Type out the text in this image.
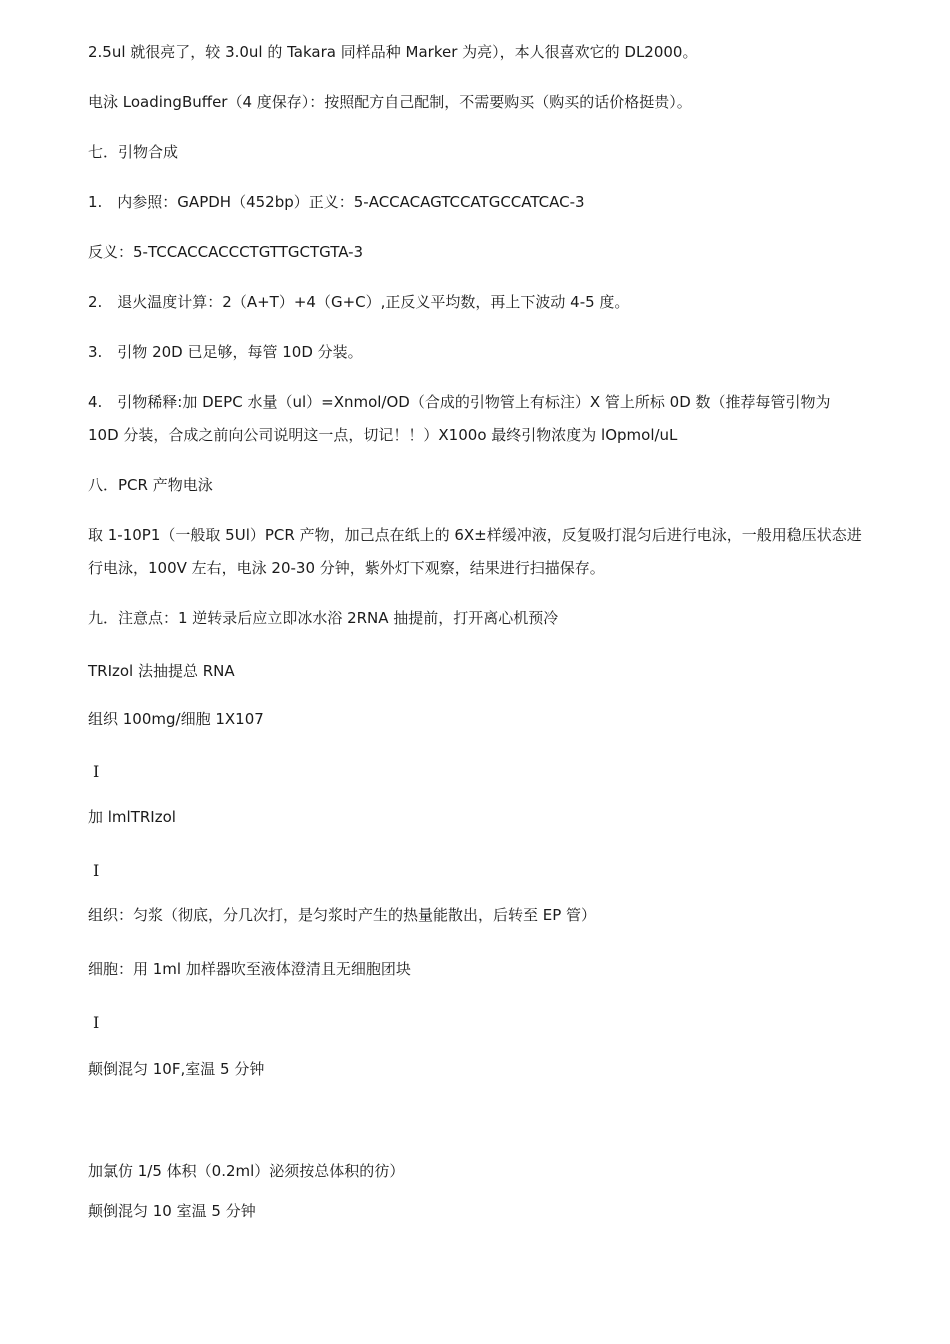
2.5ul 就很亮了，较 3.0ul 的 Takara 同样品种 Marker 为亮），本人很喜欢它的 DL2000。
电泳 LoadingBuffer（4 度保存）：按照配方自己配制，不需要购买（购买的话价格挺贵）。
七．引物合成
1.　内参照：GAPDH（452bp）正义：5-ACCACAGTCCATGCCATCAC-3
反义：5-TCCACCACCCTGTTGCTGTA-3
2.　退火温度计算：2（A+T）+4（G+C）,正反义平均数，再上下波动 4-5 度。
3.　引物 20D 已足够，每管 10D 分装。
4.　引物稀释:加 DEPC 水量（ul）=Xnmol/OD（合成的引物管上有标注）X 管上所标 0D 数（推荐每管引物为 10D 分装，合成之前向公司说明这一点，切记！！）X100o 最终引物浓度为 lOpmol/uL
八．PCR 产物电泳
取 1-10P1（一般取 5Ul）PCR 产物，加己点在纸上的 6X±样缓冲液，反复吸打混匀后进行电泳，一般用稳压状态进行电泳，100V 左右，电泳 20-30 分钟，紫外灯下观察，结果进行扫描保存。
九．注意点：1 逆转录后应立即冰水浴 2RNA 抽提前，打开离心机预冷
TRIzol 法抽提总 RNA
组织 100mg/细胞 1X107
I
加 lmlTRIzol
I
组织：匀浆（彻底，分几次打，是匀浆时产生的热量能散出，后转至 EP 管）
细胞：用 1ml 加样器吹至液体澄清且无细胞团块
I
颠倒混匀 10F,室温 5 分钟
加氯仿 1/5 体积（0.2ml）泌须按总体积的彷）
颠倒混匀 10 室温 5 分钟
